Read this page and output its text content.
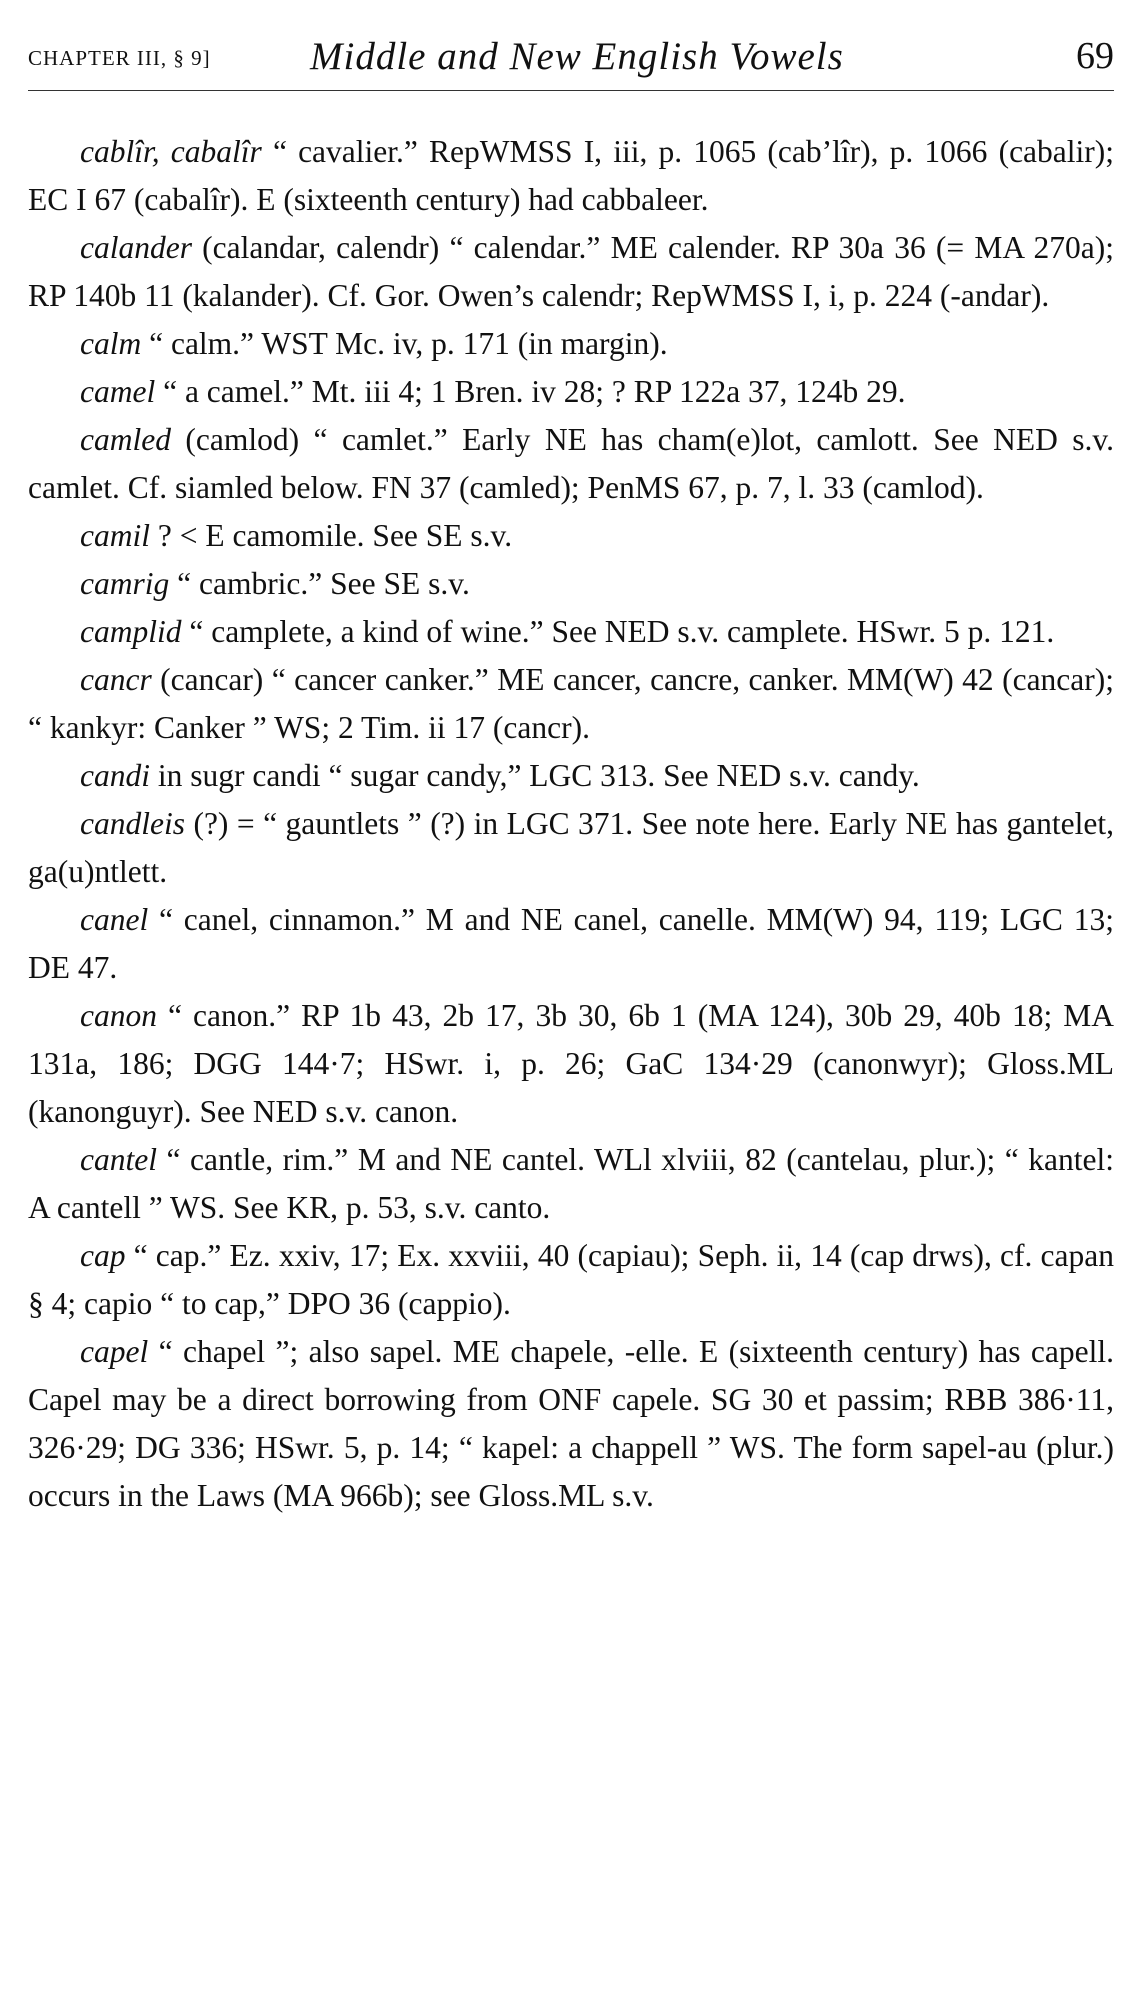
CHAPTER III, § 9]	Middle and New English Vowels	69

cablîr, cabalîr “ cavalier.” RepWMSS I, iii, p. 1065 (cab’lîr), p. 1066 (cabalir); EC I 67 (cabalîr). E (sixteenth century) had cabbaleer.

calander (calandar, calendr) “ calendar.” ME calender. RP 30a 36 (= MA 270a); RP 140b 11 (kalander). Cf. Gor. Owen’s calendr; RepWMSS I, i, p. 224 (-andar).

calm “ calm.” WST Mc. iv, p. 171 (in margin).

camel “ a camel.” Mt. iii 4; 1 Bren. iv 28; ? RP 122a 37, 124b 29.

camled (camlod) “ camlet.” Early NE has cham(e)lot, camlott. See NED s.v. camlet. Cf. siamled below. FN 37 (camled); PenMS 67, p. 7, l. 33 (camlod).

camil ? < E camomile. See SE s.v.

camrig “ cambric.” See SE s.v.

camplid “ camplete, a kind of wine.” See NED s.v. camplete. HSwr. 5 p. 121.

cancr (cancar) “ cancer canker.” ME cancer, cancre, canker. MM(W) 42 (cancar); “ kankyr: Canker ” WS; 2 Tim. ii 17 (cancr).

candi in sugr candi “ sugar candy,” LGC 313. See NED s.v. candy.

candleis (?) = “ gauntlets ” (?) in LGC 371. See note here. Early NE has gantelet, ga(u)ntlett.

canel “ canel, cinnamon.” M and NE canel, canelle. MM(W) 94, 119; LGC 13; DE 47.

canon “ canon.” RP 1b 43, 2b 17, 3b 30, 6b 1 (MA 124), 30b 29, 40b 18; MA 131a, 186; DGG 144·7; HSwr. i, p. 26; GaC 134·29 (canonwyr); Gloss.ML (kanonguyr). See NED s.v. canon.

cantel “ cantle, rim.” M and NE cantel. WLl xlviii, 82 (cantelau, plur.); “ kantel: A cantell ” WS. See KR, p. 53, s.v. canto.

cap “ cap.” Ez. xxiv, 17; Ex. xxviii, 40 (capiau); Seph. ii, 14 (cap drws), cf. capan § 4; capio “ to cap,” DPO 36 (cappio).

capel “ chapel ”; also sapel. ME chapele, -elle. E (sixteenth century) has capell. Capel may be a direct borrowing from ONF capele. SG 30 et passim; RBB 386·11, 326·29; DG 336; HSwr. 5, p. 14; “ kapel: a chappell ” WS. The form sapel-au (plur.) occurs in the Laws (MA 966b); see Gloss.ML s.v.
